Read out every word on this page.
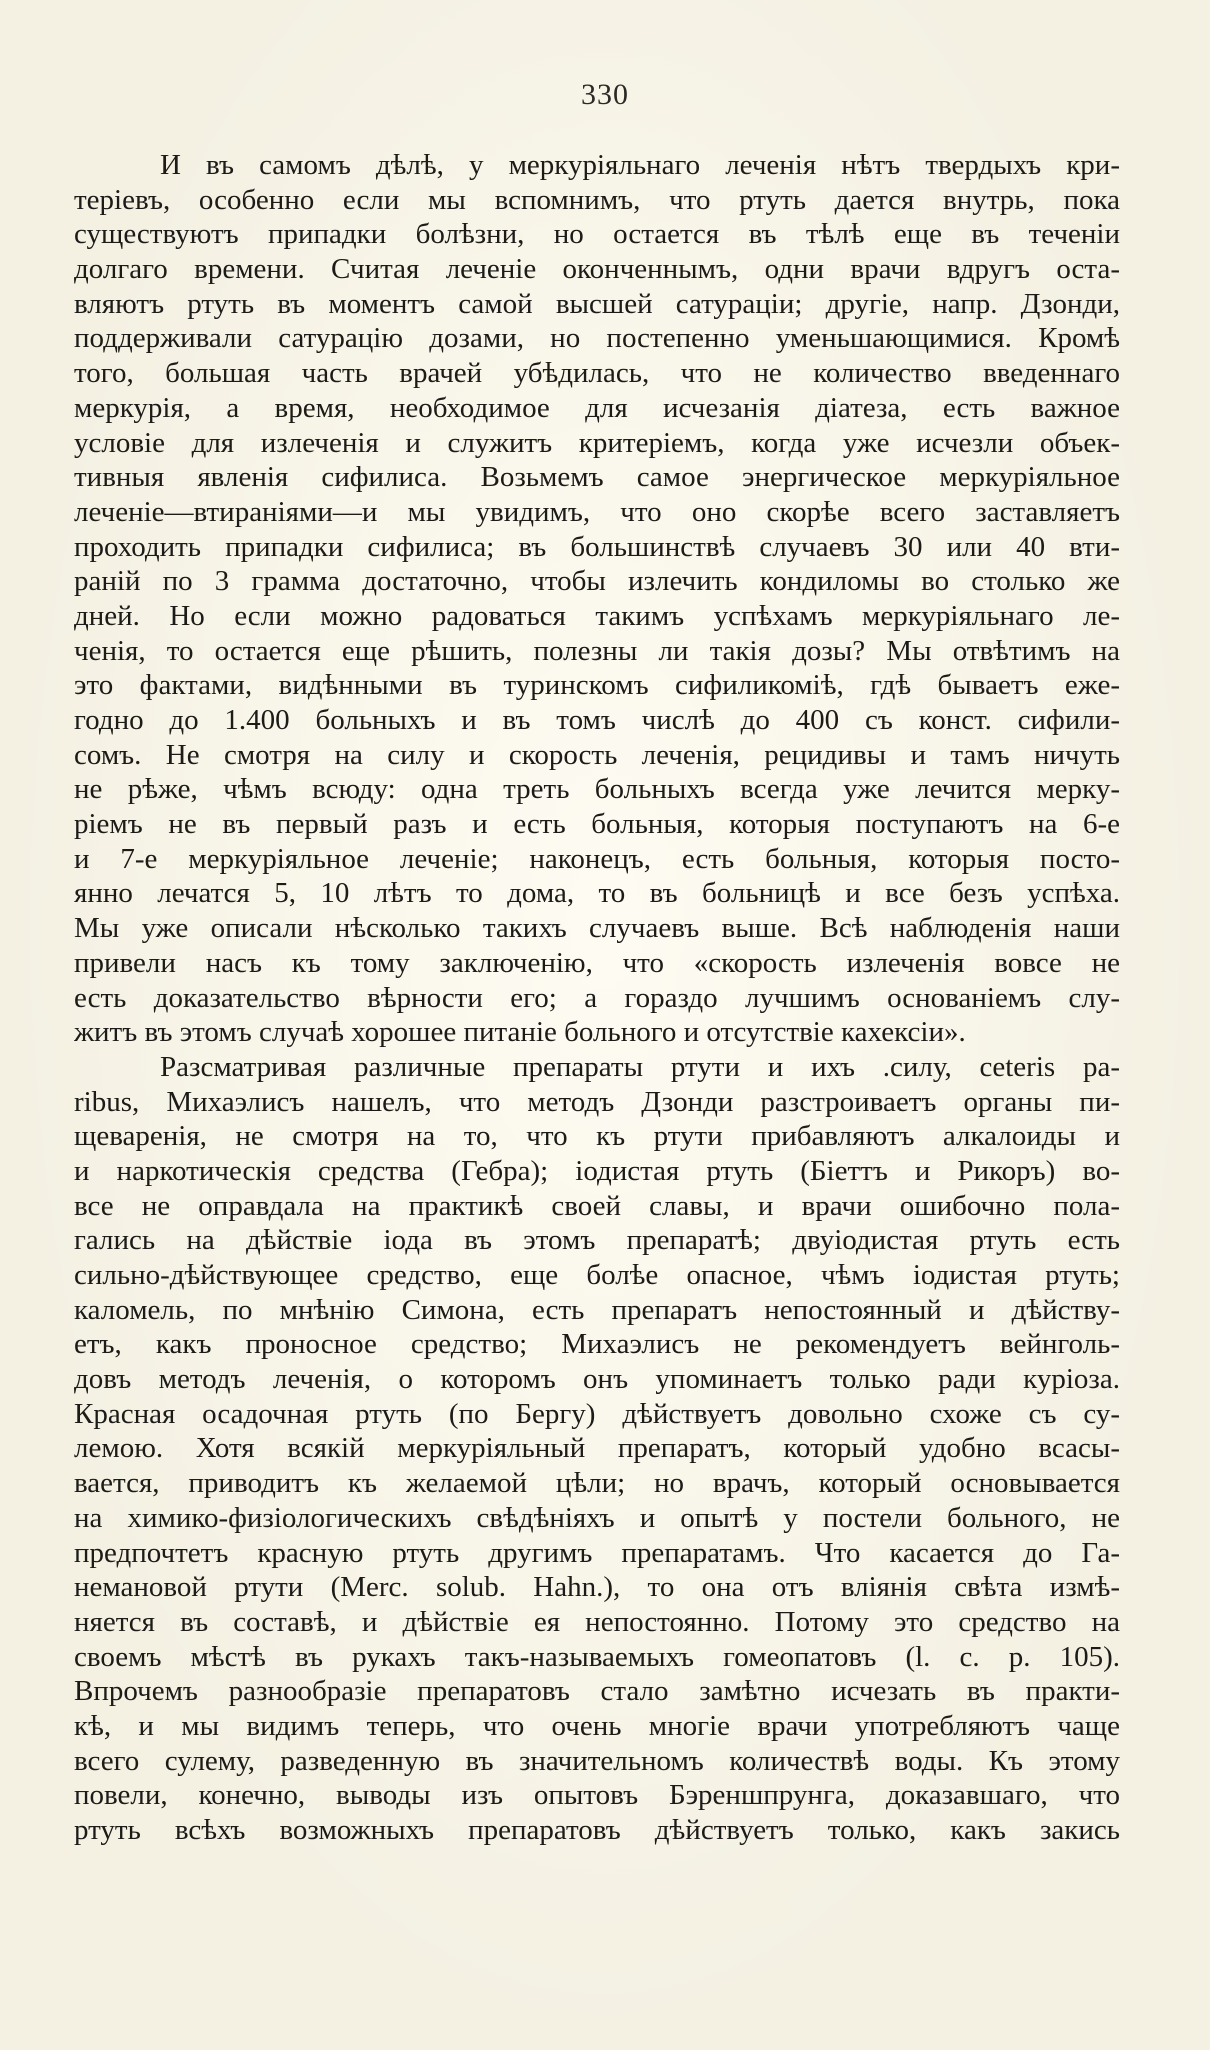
330
И въ самомъ дѣлѣ, у меркуріяльнаго леченія нѣтъ твердыхъ кри-
теріевъ, особенно если мы вспомнимъ, что ртуть дается внутрь, пока
существуютъ припадки болѣзни, но остается въ тѣлѣ еще въ теченіи
долгаго времени. Считая леченіе оконченнымъ, одни врачи вдругъ оста-
вляютъ ртуть въ моментъ самой высшей сатураціи; другіе, напр. Дзонди,
поддерживали сатурацію дозами, но постепенно уменьшающимися. Кромѣ
того, большая часть врачей убѣдилась, что не количество введеннаго
меркурія, а время, необходимое для исчезанія діатеза, есть важное
условіе для излеченія и служитъ критеріемъ, когда уже исчезли объек-
тивныя явленія сифилиса. Возьмемъ самое энергическое меркуріяльное
леченіе—втираніями—и мы увидимъ, что оно скорѣе всего заставляетъ
проходить припадки сифилиса; въ большинствѣ случаевъ 30 или 40 вти-
раній по 3 грамма достаточно, чтобы излечить кондиломы во столько же
дней. Но если можно радоваться такимъ успѣхамъ меркуріяльнаго ле-
ченія, то остается еще рѣшить, полезны ли такія дозы? Мы отвѣтимъ на
это фактами, видѣнными въ туринскомъ сифиликомiѣ, гдѣ бываетъ еже-
годно до 1.400 больныхъ и въ томъ числѣ до 400 съ конст. сифили-
сомъ. Не смотря на силу и скорость леченія, рецидивы и тамъ ничуть
не рѣже, чѣмъ всюду: одна треть больныхъ всегда уже лечится мерку-
ріемъ не въ первый разъ и есть больныя, которыя поступаютъ на 6-е
и 7-е меркуріяльное леченіе; наконецъ, есть больныя, которыя посто-
янно лечатся 5, 10 лѣтъ то дома, то въ больницѣ и все безъ успѣха.
Мы уже описали нѣсколько такихъ случаевъ выше. Всѣ наблюденія наши
привели насъ къ тому заключенію, что «скорость излеченія вовсе не
есть доказательство вѣрности его; а гораздо лучшимъ основаніемъ слу-
житъ въ этомъ случаѣ хорошее питаніе больного и отсутствіе кахексіи».
Разсматривая различные препараты ртути и ихъ .силу, ceteris pa-
ribus, Михаэлисъ нашелъ, что методъ Дзонди разстроиваетъ органы пи-
щеваренія, не смотря на то, что къ ртути прибавляютъ алкалоиды и
и наркотическія средства (Гебра); іодистая ртуть (Біеттъ и Рикоръ) во-
все не оправдала на практикѣ своей славы, и врачи ошибочно пола-
гались на дѣйствіе іода въ этомъ препаратѣ; двуіодистая ртуть есть
сильно-дѣйствующее средство, еще болѣе опасное, чѣмъ іодистая ртуть;
каломель, по мнѣнію Симона, есть препаратъ непостоянный и дѣйству-
етъ, какъ проносное средство; Михаэлисъ не рекомендуетъ вейнголь-
довъ методъ леченія, о которомъ онъ упоминаетъ только ради куріоза.
Красная осадочная ртуть (по Бергу) дѣйствуетъ довольно схоже съ су-
лемою. Хотя всякій меркуріяльный препаратъ, который удобно всасы-
вается, приводитъ къ желаемой цѣли; но врачъ, который основывается
на химико-физіологическихъ свѣдѣніяхъ и опытѣ у постели больного, не
предпочтетъ красную ртуть другимъ препаратамъ. Что касается до Га-
немановой ртути (Merc. solub. Hahn.), то она отъ вліянія свѣта измѣ-
няется въ составѣ, и дѣйствіе ея непостоянно. Потому это средство на
своемъ мѣстѣ въ рукахъ такъ-называемыхъ гомеопатовъ (l. c. p. 105).
Впрочемъ разнообразіе препаратовъ стало замѣтно исчезать въ практи-
кѣ, и мы видимъ теперь, что очень многіе врачи употребляютъ чаще
всего сулему, разведенную въ значительномъ количествѣ воды. Къ этому
повели, конечно, выводы изъ опытовъ Бэреншпрунга, доказавшаго, что
ртуть всѣхъ возможныхъ препаратовъ дѣйствуетъ только, какъ закись
